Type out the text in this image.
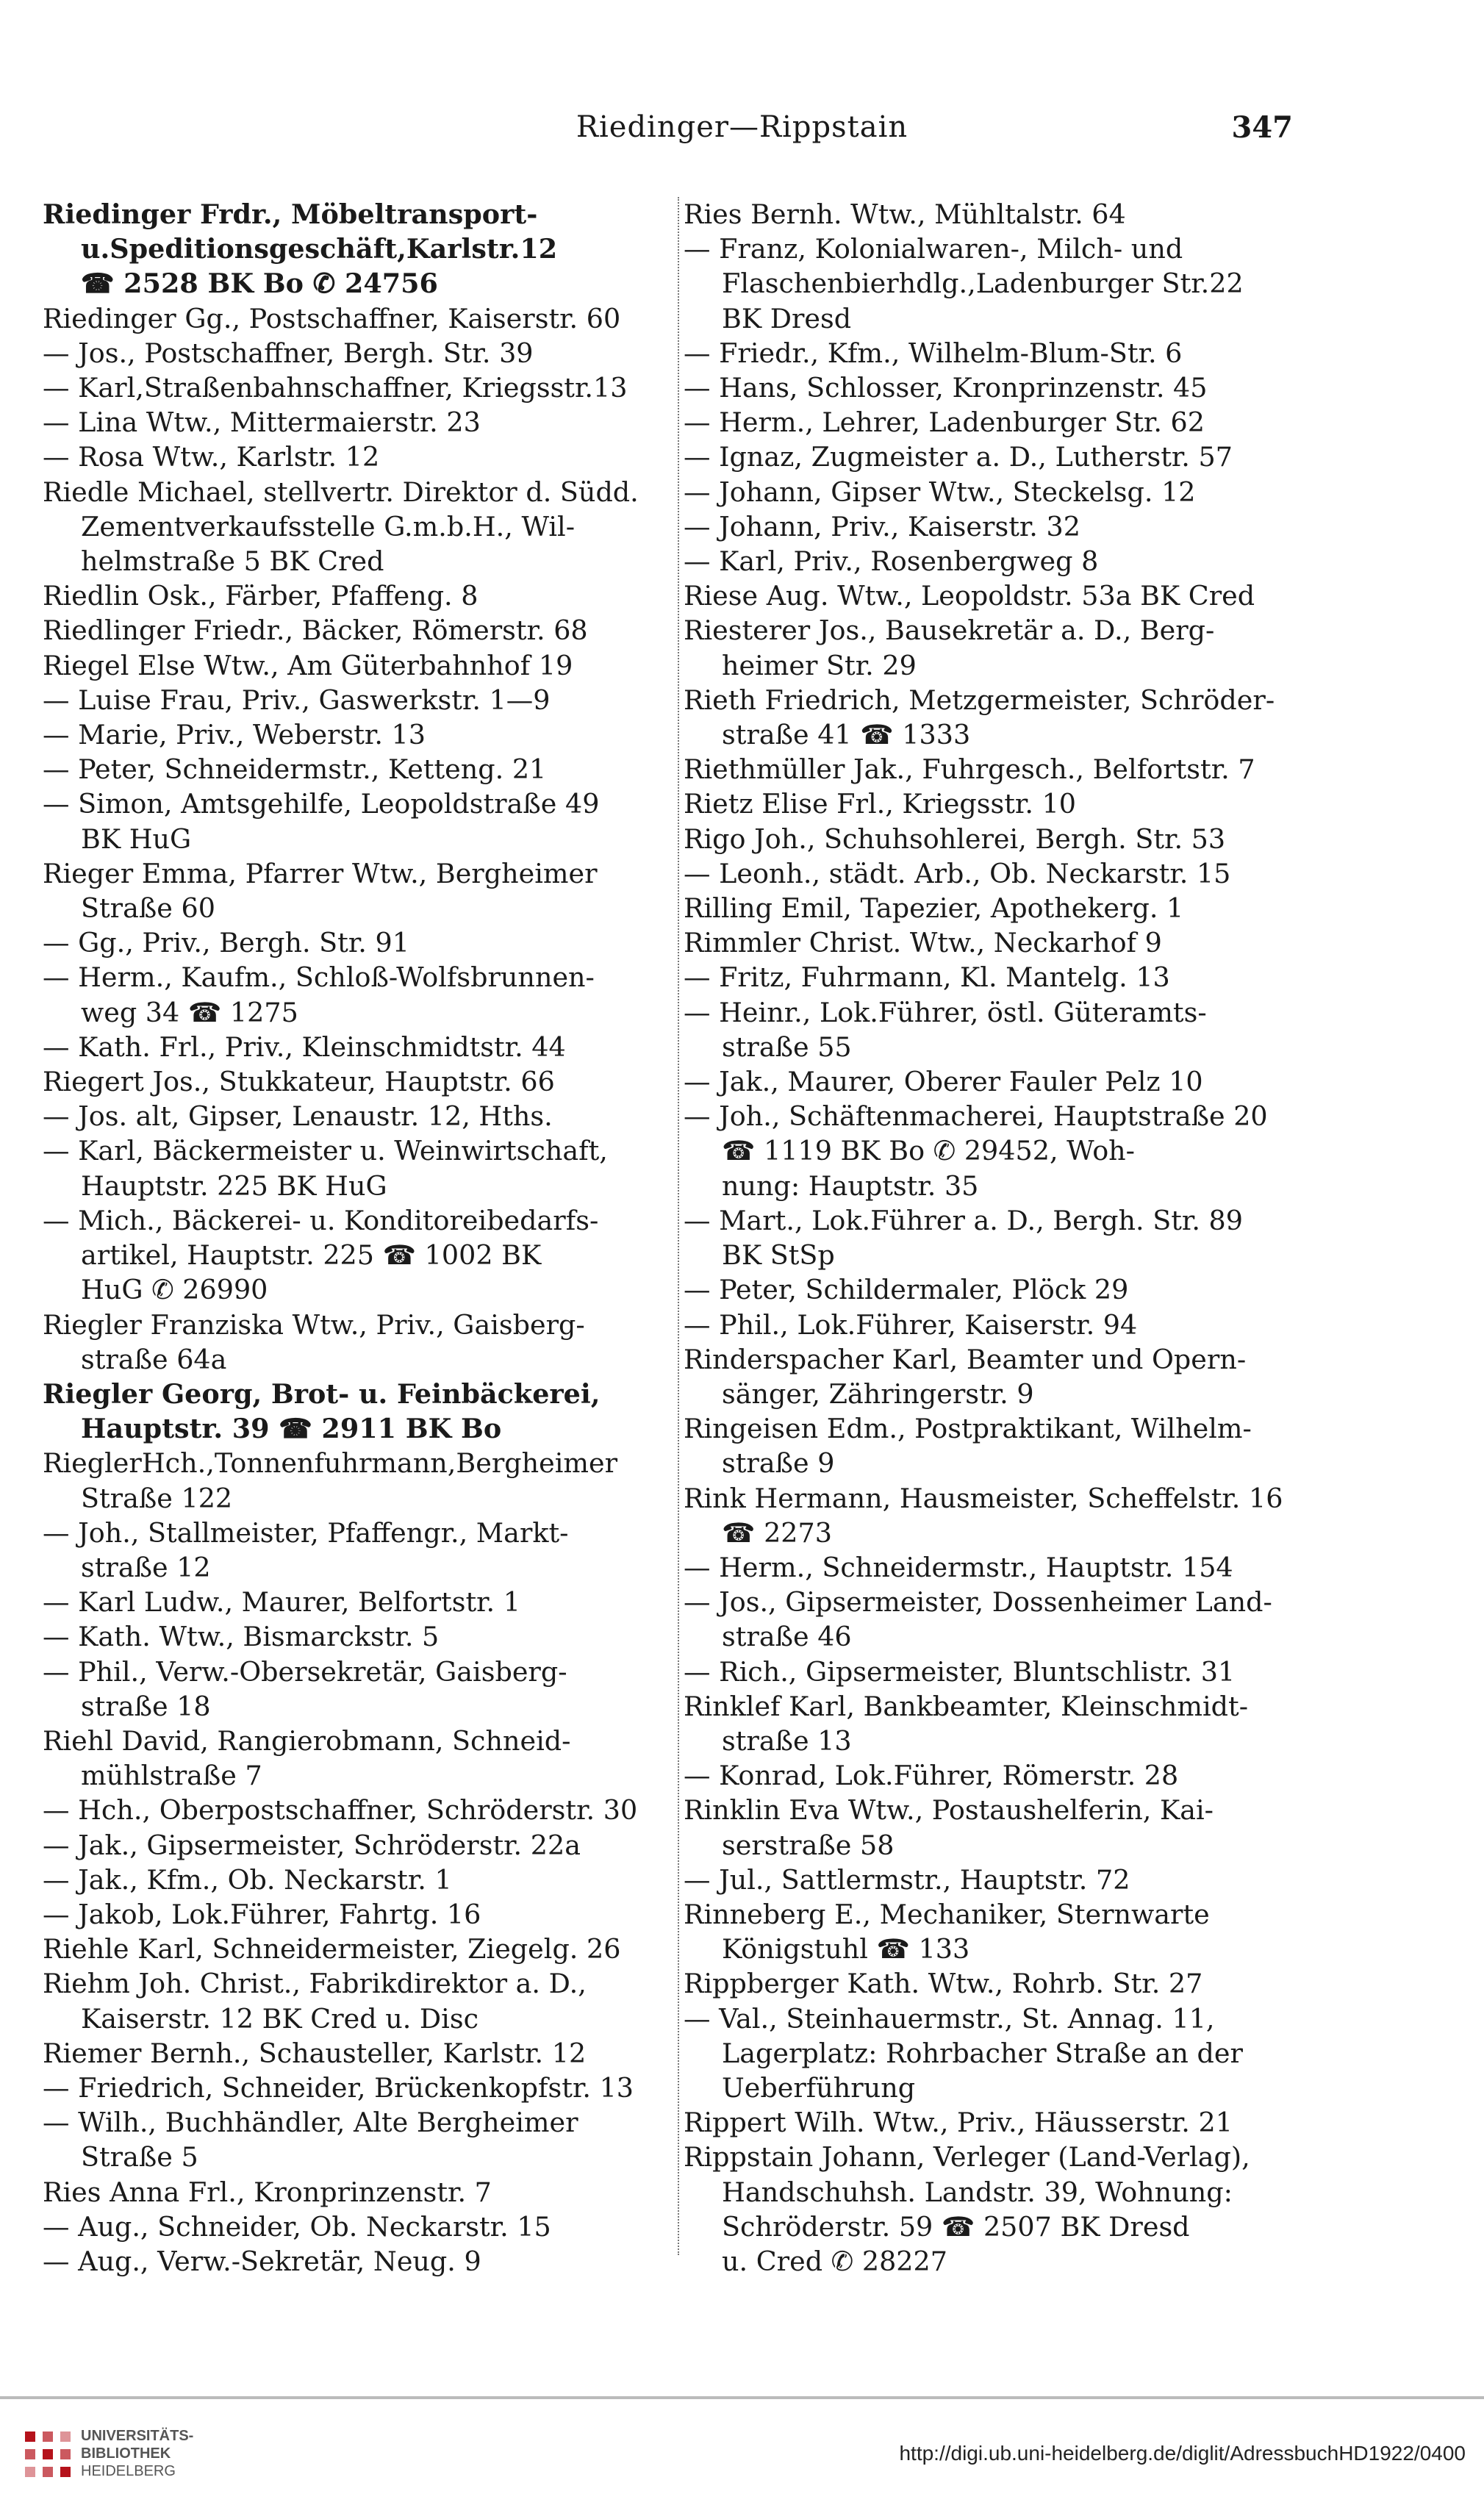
Riedinger—Rippstain	347
Riedinger Frdr., Möbeltransport-
u.Speditionsgeschäft,Karlstr.12
☎ 2528 BK Bo ✆ 24756
Riedinger Gg., Postschaffner, Kaiserstr. 60
— Jos., Postschaffner, Bergh. Str. 39
— Karl,Straßenbahnschaffner, Kriegsstr.13
— Lina Wtw., Mittermaierstr. 23
— Rosa Wtw., Karlstr. 12
Riedle Michael, stellvertr. Direktor d. Südd.
Zementverkaufsstelle G.m.b.H., Wil-
helmstraße 5 BK Cred
Riedlin Osk., Färber, Pfaffeng. 8
Riedlinger Friedr., Bäcker, Römerstr. 68
Riegel Else Wtw., Am Güterbahnhof 19
— Luise Frau, Priv., Gaswerkstr. 1—9
— Marie, Priv., Weberstr. 13
— Peter, Schneidermstr., Ketteng. 21
— Simon, Amtsgehilfe, Leopoldstraße 49
BK HuG
Rieger Emma, Pfarrer Wtw., Bergheimer
Straße 60
— Gg., Priv., Bergh. Str. 91
— Herm., Kaufm., Schloß-Wolfsbrunnen-
weg 34 ☎ 1275
— Kath. Frl., Priv., Kleinschmidtstr. 44
Riegert Jos., Stukkateur, Hauptstr. 66
— Jos. alt, Gipser, Lenaustr. 12, Hths.
— Karl, Bäckermeister u. Weinwirtschaft,
Hauptstr. 225 BK HuG
— Mich., Bäckerei- u. Konditoreibedarfs-
artikel, Hauptstr. 225 ☎ 1002 BK
HuG ✆ 26990
Riegler Franziska Wtw., Priv., Gaisberg-
straße 64a
Riegler Georg, Brot- u. Feinbäckerei,
Hauptstr. 39 ☎ 2911 BK Bo
RieglerHch.,Tonnenfuhrmann,Bergheimer
Straße 122
— Joh., Stallmeister, Pfaffengr., Markt-
straße 12
— Karl Ludw., Maurer, Belfortstr. 1
— Kath. Wtw., Bismarckstr. 5
— Phil., Verw.-Obersekretär, Gaisberg-
straße 18
Riehl David, Rangierobmann, Schneid-
mühlstraße 7
— Hch., Oberpostschaffner, Schröderstr. 30
— Jak., Gipsermeister, Schröderstr. 22a
— Jak., Kfm., Ob. Neckarstr. 1
— Jakob, Lok.Führer, Fahrtg. 16
Riehle Karl, Schneidermeister, Ziegelg. 26
Riehm Joh. Christ., Fabrikdirektor a. D.,
Kaiserstr. 12 BK Cred u. Disc
Riemer Bernh., Schausteller, Karlstr. 12
— Friedrich, Schneider, Brückenkopfstr. 13
— Wilh., Buchhändler, Alte Bergheimer
Straße 5
Ries Anna Frl., Kronprinzenstr. 7
— Aug., Schneider, Ob. Neckarstr. 15
— Aug., Verw.-Sekretär, Neug. 9
Ries Bernh. Wtw., Mühltalstr. 64
— Franz, Kolonialwaren-, Milch- und
Flaschenbierhdlg.,Ladenburger Str.22
BK Dresd
— Friedr., Kfm., Wilhelm-Blum-Str. 6
— Hans, Schlosser, Kronprinzenstr. 45
— Herm., Lehrer, Ladenburger Str. 62
— Ignaz, Zugmeister a. D., Lutherstr. 57
— Johann, Gipser Wtw., Steckelsg. 12
— Johann, Priv., Kaiserstr. 32
— Karl, Priv., Rosenbergweg 8
Riese Aug. Wtw., Leopoldstr. 53a BK Cred
Riesterer Jos., Bausekretär a. D., Berg-
heimer Str. 29
Rieth Friedrich, Metzgermeister, Schröder-
straße 41 ☎ 1333
Riethmüller Jak., Fuhrgesch., Belfortstr. 7
Rietz Elise Frl., Kriegsstr. 10
Rigo Joh., Schuhsohlerei, Bergh. Str. 53
— Leonh., städt. Arb., Ob. Neckarstr. 15
Rilling Emil, Tapezier, Apothekerg. 1
Rimmler Christ. Wtw., Neckarhof 9
— Fritz, Fuhrmann, Kl. Mantelg. 13
— Heinr., Lok.Führer, östl. Güteramts-
straße 55
— Jak., Maurer, Oberer Fauler Pelz 10
— Joh., Schäftenmacherei, Hauptstraße 20
☎ 1119 BK Bo ✆ 29452, Woh-
nung: Hauptstr. 35
— Mart., Lok.Führer a. D., Bergh. Str. 89
BK StSp
— Peter, Schildermaler, Plöck 29
— Phil., Lok.Führer, Kaiserstr. 94
Rinderspacher Karl, Beamter und Opern-
sänger, Zähringerstr. 9
Ringeisen Edm., Postpraktikant, Wilhelm-
straße 9
Rink Hermann, Hausmeister, Scheffelstr. 16
☎ 2273
— Herm., Schneidermstr., Hauptstr. 154
— Jos., Gipsermeister, Dossenheimer Land-
straße 46
— Rich., Gipsermeister, Bluntschlistr. 31
Rinklef Karl, Bankbeamter, Kleinschmidt-
straße 13
— Konrad, Lok.Führer, Römerstr. 28
Rinklin Eva Wtw., Postaushelferin, Kai-
serstraße 58
— Jul., Sattlermstr., Hauptstr. 72
Rinneberg E., Mechaniker, Sternwarte
Königstuhl ☎ 133
Rippberger Kath. Wtw., Rohrb. Str. 27
— Val., Steinhauermstr., St. Annag. 11,
Lagerplatz: Rohrbacher Straße an der
Ueberführung
Rippert Wilh. Wtw., Priv., Häusserstr. 21
Rippstain Johann, Verleger (Land-Verlag),
Handschuhsh. Landstr. 39, Wohnung:
Schröderstr. 59 ☎ 2507 BK Dresd
u. Cred ✆ 28227
UNIVERSITÄTS-
BIBLIOTHEK
HEIDELBERG
http://digi.ub.uni-heidelberg.de/diglit/AdressbuchHD1922/0400
